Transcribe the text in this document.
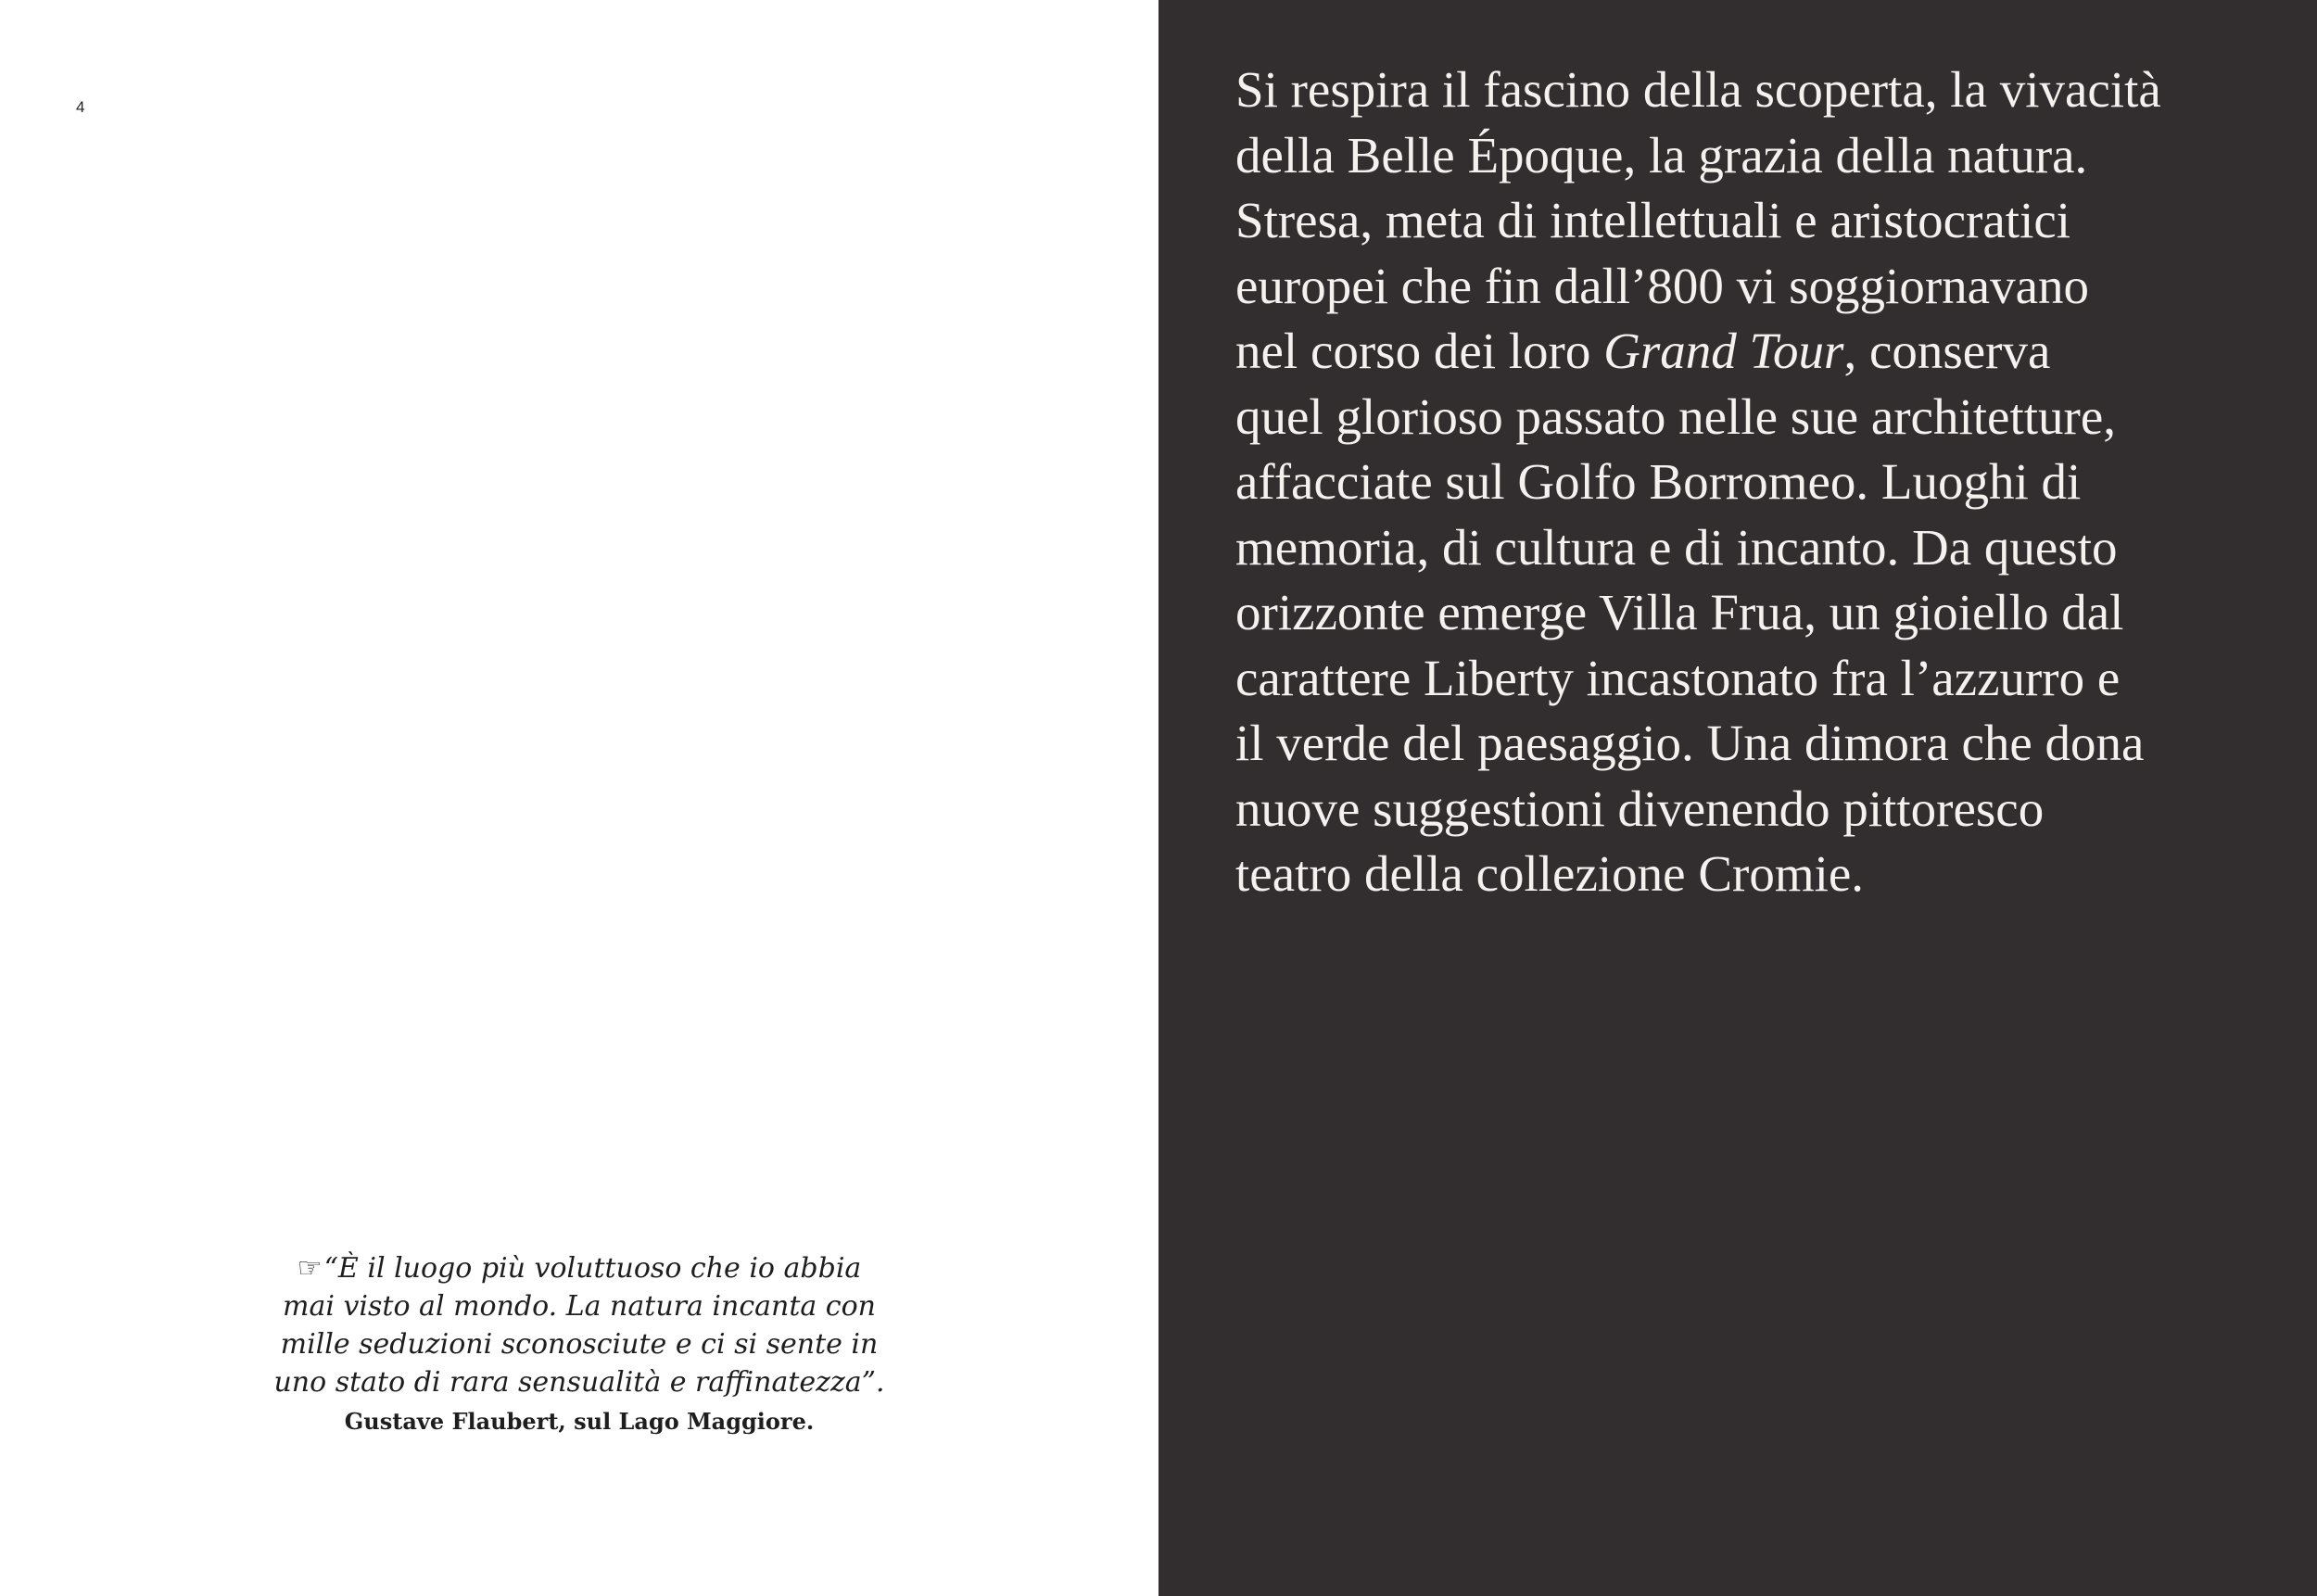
4

☞“È il luogo più voluttuoso che io abbia
mai visto al mondo. La natura incanta con
mille seduzioni sconosciute e ci si sente in
uno stato di rara sensualità e raffinatezza”.

Gustave Flaubert, sul Lago Maggiore.

Si respira il fascino della scoperta, la vivacità
della Belle Époque, la grazia della natura.
Stresa, meta di intellettuali e aristocratici
europei che fin dall’800 vi soggiornavano
nel corso dei loro Grand Tour, conserva
quel glorioso passato nelle sue architetture,
affacciate sul Golfo Borromeo. Luoghi di
memoria, di cultura e di incanto. Da questo
orizzonte emerge Villa Frua, un gioiello dal
carattere Liberty incastonato fra l’azzurro e
il verde del paesaggio. Una dimora che dona
nuove suggestioni divenendo pittoresco
teatro della collezione Cromie.
